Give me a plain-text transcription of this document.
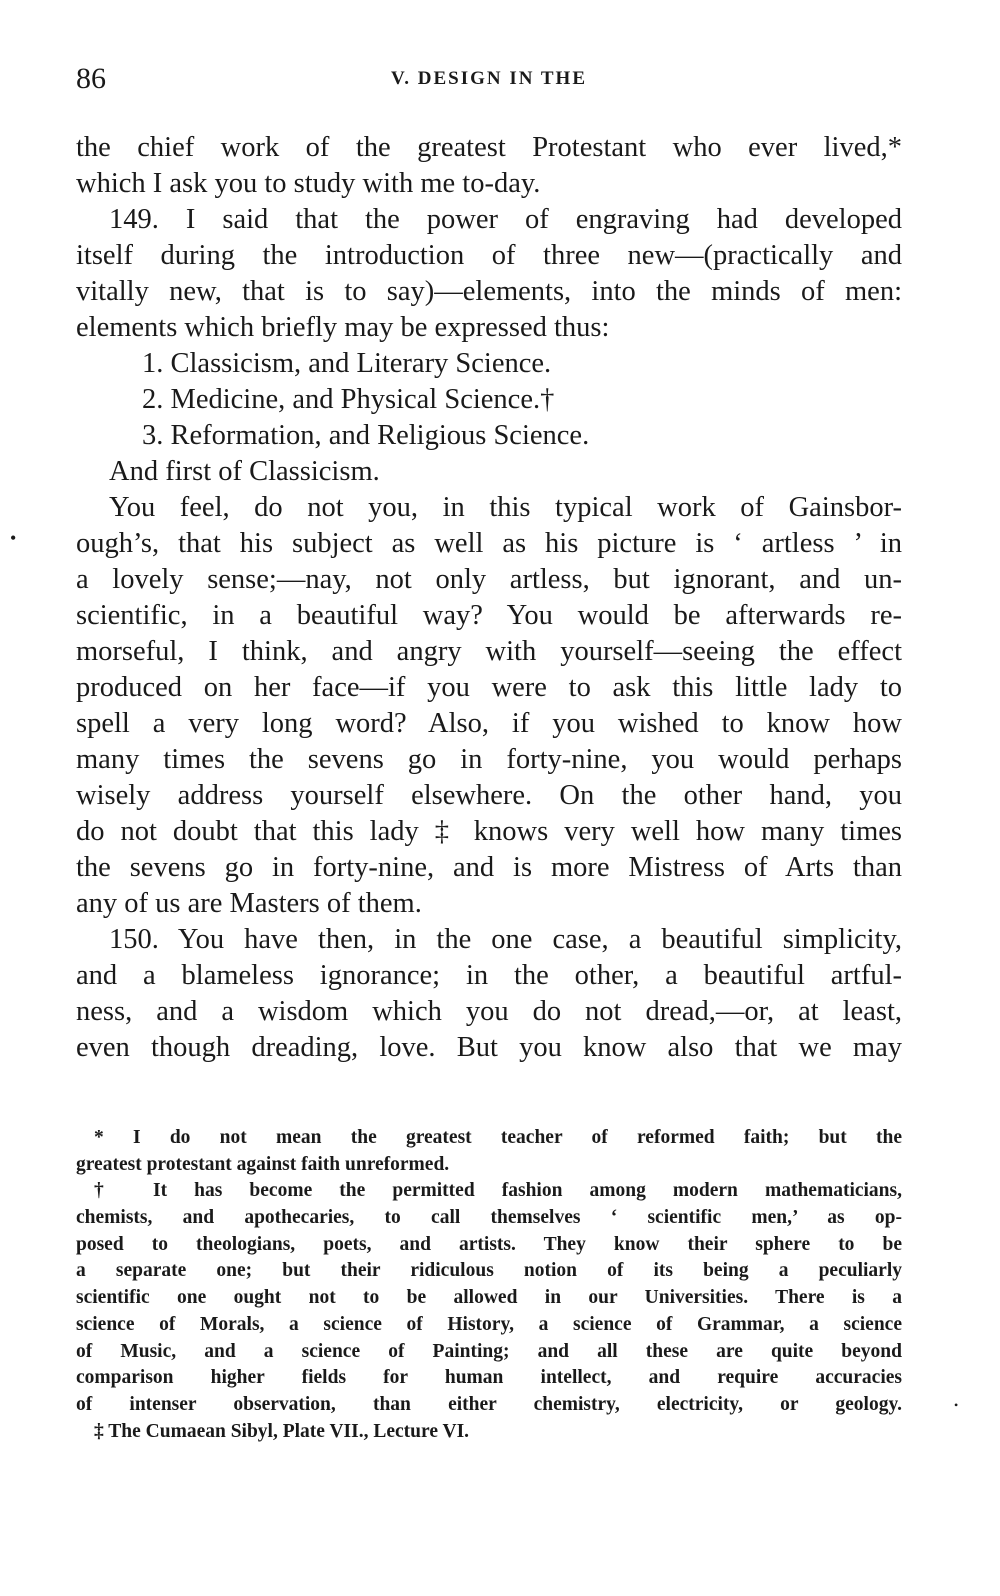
86	V. DESIGN IN THE
the chief work of the greatest Protestant who ever lived,*
which I ask you to study with me to-day.
149. I said that the power of engraving had developed
itself during the introduction of three new—(practically and
vitally new, that is to say)—elements, into the minds of men:
elements which briefly may be expressed thus:
1. Classicism, and Literary Science.
2. Medicine, and Physical Science.†
3. Reformation, and Religious Science.
And first of Classicism.
You feel, do not you, in this typical work of Gainsbor-
ough’s, that his subject as well as his picture is ‘ artless ’ in
a lovely sense;—nay, not only artless, but ignorant, and un-
scientific, in a beautiful way? You would be afterwards re-
morseful, I think, and angry with yourself—seeing the effect
produced on her face—if you were to ask this little lady to
spell a very long word? Also, if you wished to know how
many times the sevens go in forty-nine, you would perhaps
wisely address yourself elsewhere. On the other hand, you
do not doubt that this lady ‡ knows very well how many times
the sevens go in forty-nine, and is more Mistress of Arts than
any of us are Masters of them.
150. You have then, in the one case, a beautiful simplicity,
and a blameless ignorance; in the other, a beautiful artful-
ness, and a wisdom which you do not dread,—or, at least,
even though dreading, love. But you know also that we may
* I do not mean the greatest teacher of reformed faith; but the
greatest protestant against faith unreformed.
† It has become the permitted fashion among modern mathematicians,
chemists, and apothecaries, to call themselves ‘ scientific men,’ as op-
posed to theologians, poets, and artists. They know their sphere to be
a separate one; but their ridiculous notion of its being a peculiarly
scientific one ought not to be allowed in our Universities. There is a
science of Morals, a science of History, a science of Grammar, a science
of Music, and a science of Painting; and all these are quite beyond
comparison higher fields for human intellect, and require accuracies
of intenser observation, than either chemistry, electricity, or geology.
‡ The Cumaean Sibyl, Plate VII., Lecture VI.
•
•
